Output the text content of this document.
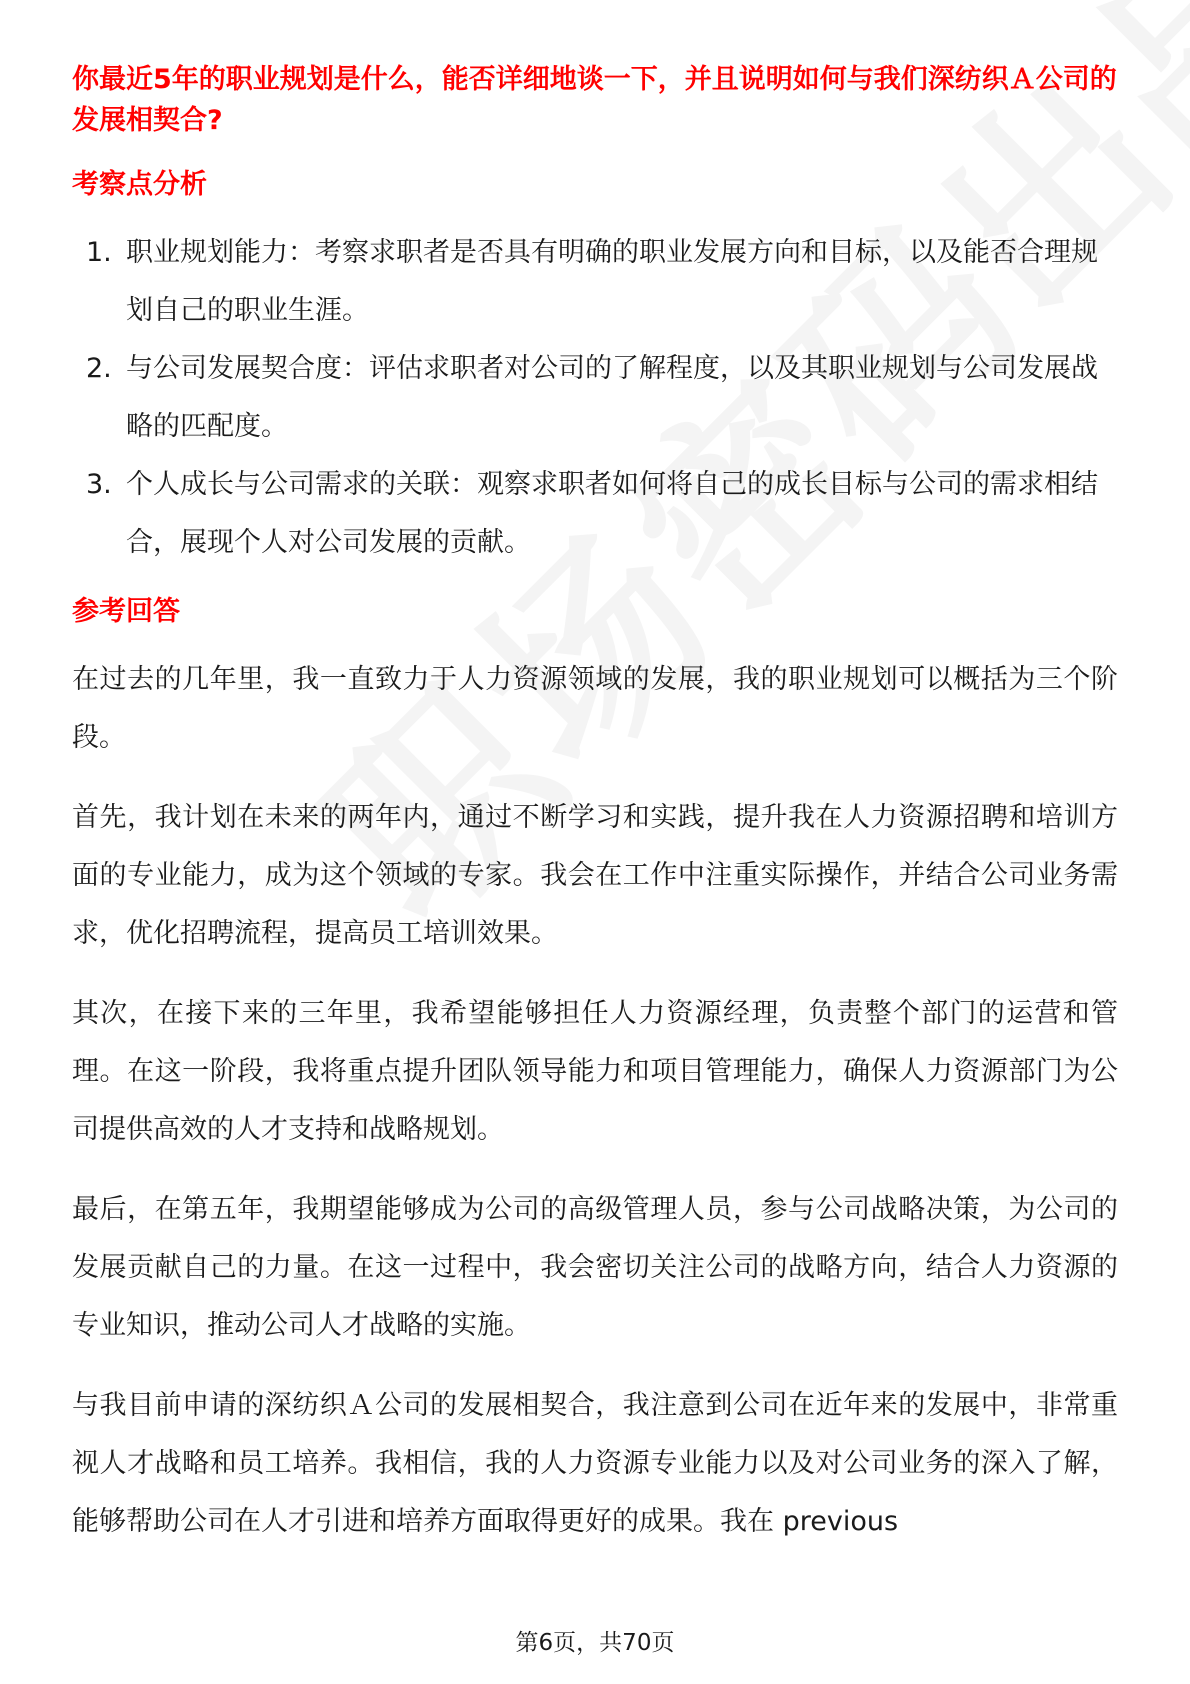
你最近5年的职业规划是什么，能否详细地谈一下，并且说明如何与我们深纺织Ａ公司的发展相契合?

考察点分析
1. 职业规划能力：考察求职者是否具有明确的职业发展方向和目标，以及能否合理规划自己的职业生涯。
2. 与公司发展契合度：评估求职者对公司的了解程度，以及其职业规划与公司发展战略的匹配度。
3. 个人成长与公司需求的关联：观察求职者如何将自己的成长目标与公司的需求相结合，展现个人对公司发展的贡献。
参考回答

在过去的几年里，我一直致力于人力资源领域的发展，我的职业规划可以概括为三个阶段。

首先，我计划在未来的两年内，通过不断学习和实践，提升我在人力资源招聘和培训方面的专业能力，成为这个领域的专家。我会在工作中注重实际操作，并结合公司业务需求，优化招聘流程，提高员工培训效果。

其次，在接下来的三年里，我希望能够担任人力资源经理，负责整个部门的运营和管理。在这一阶段，我将重点提升团队领导能力和项目管理能力，确保人力资源部门为公司提供高效的人才支持和战略规划。

最后，在第五年，我期望能够成为公司的高级管理人员，参与公司战略决策，为公司的发展贡献自己的力量。在这一过程中，我会密切关注公司的战略方向，结合人力资源的专业知识，推动公司人才战略的实施。

与我目前申请的深纺织Ａ公司的发展相契合，我注意到公司在近年来的发展中，非常重视人才战略和员工培养。我相信，我的人力资源专业能力以及对公司业务的深入了解，能够帮助公司在人才引进和培养方面取得更好的成果。我在 previous

第6页，共70页
